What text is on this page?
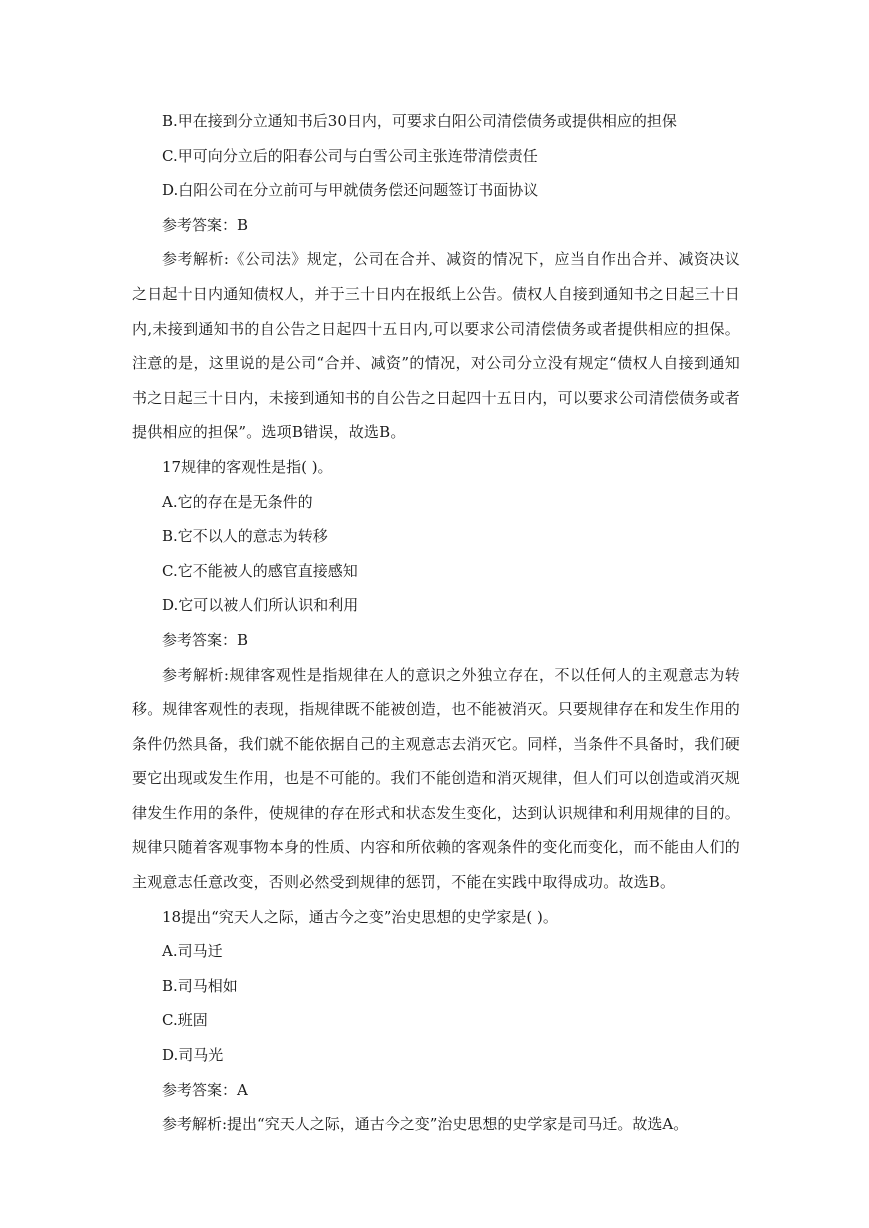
B.甲在接到分立通知书后30日内，可要求白阳公司清偿债务或提供相应的担保

C.甲可向分立后的阳春公司与白雪公司主张连带清偿责任

D.白阳公司在分立前可与甲就债务偿还问题签订书面协议

参考答案：B

参考解析:《公司法》规定，公司在合并、减资的情况下，应当自作出合并、减资决议之日起十日内通知债权人，并于三十日内在报纸上公告。债权人自接到通知书之日起三十日内,未接到通知书的自公告之日起四十五日内,可以要求公司清偿债务或者提供相应的担保。注意的是，这里说的是公司“合并、减资”的情况，对公司分立没有规定“债权人自接到通知书之日起三十日内，未接到通知书的自公告之日起四十五日内，可以要求公司清偿债务或者提供相应的担保”。选项B错误，故选B。

17规律的客观性是指( )。

A.它的存在是无条件的

B.它不以人的意志为转移

C.它不能被人的感官直接感知

D.它可以被人们所认识和利用

参考答案：B

参考解析:规律客观性是指规律在人的意识之外独立存在，不以任何人的主观意志为转移。规律客观性的表现，指规律既不能被创造，也不能被消灭。只要规律存在和发生作用的条件仍然具备，我们就不能依据自己的主观意志去消灭它。同样，当条件不具备时，我们硬要它出现或发生作用，也是不可能的。我们不能创造和消灭规律，但人们可以创造或消灭规律发生作用的条件，使规律的存在形式和状态发生变化，达到认识规律和利用规律的目的。规律只随着客观事物本身的性质、内容和所依赖的客观条件的变化而变化，而不能由人们的主观意志任意改变，否则必然受到规律的惩罚，不能在实践中取得成功。故选B。

18提出“究天人之际，通古今之变”治史思想的史学家是( )。

A.司马迁

B.司马相如

C.班固

D.司马光

参考答案：A

参考解析:提出“究天人之际，通古今之变”治史思想的史学家是司马迁。故选A。
